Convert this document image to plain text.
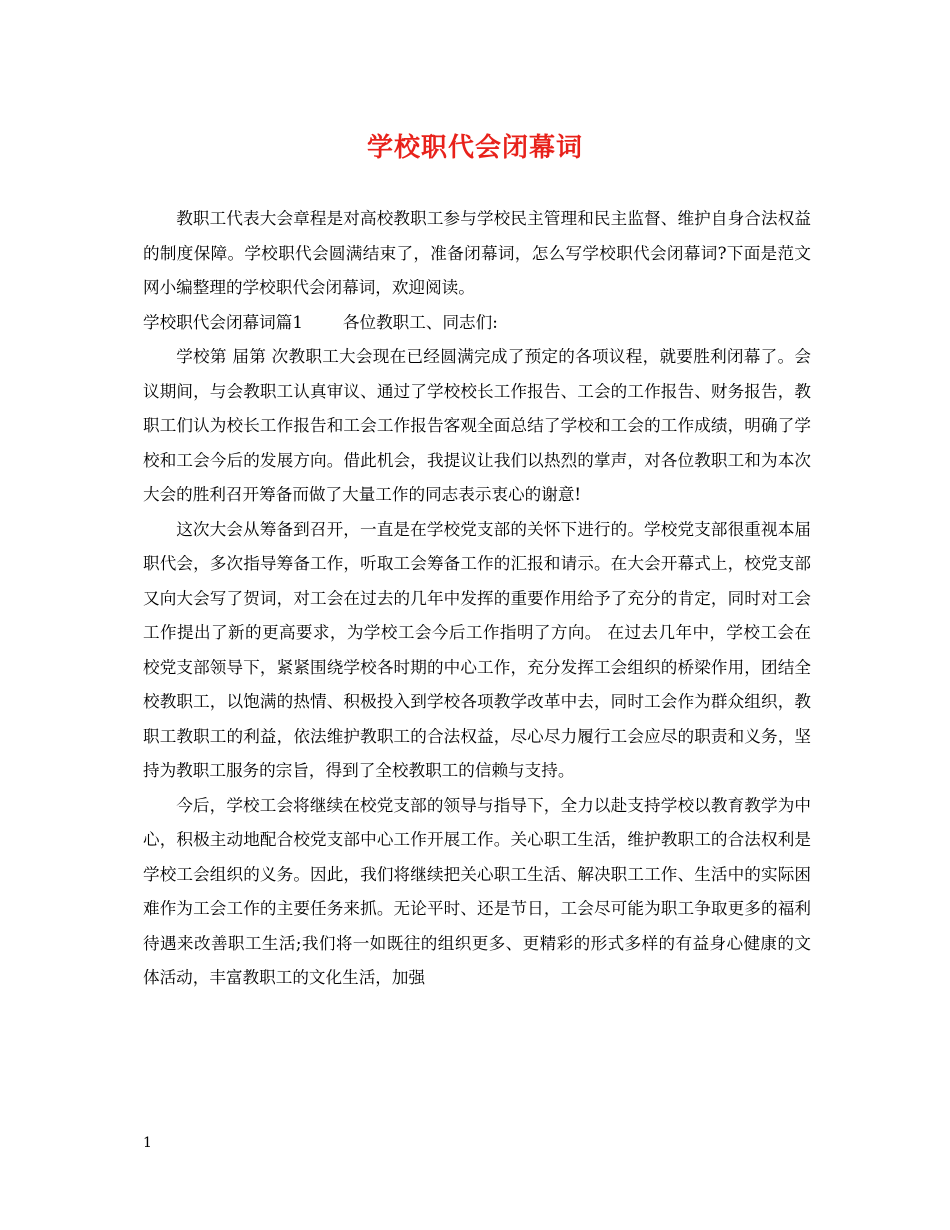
学校职代会闭幕词

教职工代表大会章程是对高校教职工参与学校民主管理和民主监督、维护自身合法权益的制度保障。学校职代会圆满结束了，准备闭幕词，怎么写学校职代会闭幕词?下面是范文网小编整理的学校职代会闭幕词，欢迎阅读。

学校职代会闭幕词篇1 各位教职工、同志们:

学校第 届第 次教职工大会现在已经圆满完成了预定的各项议程，就要胜利闭幕了。会议期间，与会教职工认真审议、通过了学校校长工作报告、工会的工作报告、财务报告，教职工们认为校长工作报告和工会工作报告客观全面总结了学校和工会的工作成绩，明确了学校和工会今后的发展方向。借此机会，我提议让我们以热烈的掌声，对各位教职工和为本次大会的胜利召开筹备而做了大量工作的同志表示衷心的谢意!

这次大会从筹备到召开，一直是在学校党支部的关怀下进行的。学校党支部很重视本届职代会，多次指导筹备工作，听取工会筹备工作的汇报和请示。在大会开幕式上，校党支部又向大会写了贺词，对工会在过去的几年中发挥的重要作用给予了充分的肯定，同时对工会工作提出了新的更高要求，为学校工会今后工作指明了方向。 在过去几年中，学校工会在校党支部领导下，紧紧围绕学校各时期的中心工作，充分发挥工会组织的桥梁作用，团结全校教职工，以饱满的热情、积极投入到学校各项教学改革中去，同时工会作为群众组织，教职工教职工的利益，依法维护教职工的合法权益，尽心尽力履行工会应尽的职责和义务，坚持为教职工服务的宗旨，得到了全校教职工的信赖与支持。

今后，学校工会将继续在校党支部的领导与指导下，全力以赴支持学校以教育教学为中心，积极主动地配合校党支部中心工作开展工作。关心职工生活，维护教职工的合法权利是学校工会组织的义务。因此，我们将继续把关心职工生活、解决职工工作、生活中的实际困难作为工会工作的主要任务来抓。无论平时、还是节日，工会尽可能为职工争取更多的福利待遇来改善职工生活;我们将一如既往的组织更多、更精彩的形式多样的有益身心健康的文体活动，丰富教职工的文化生活，加强

1
